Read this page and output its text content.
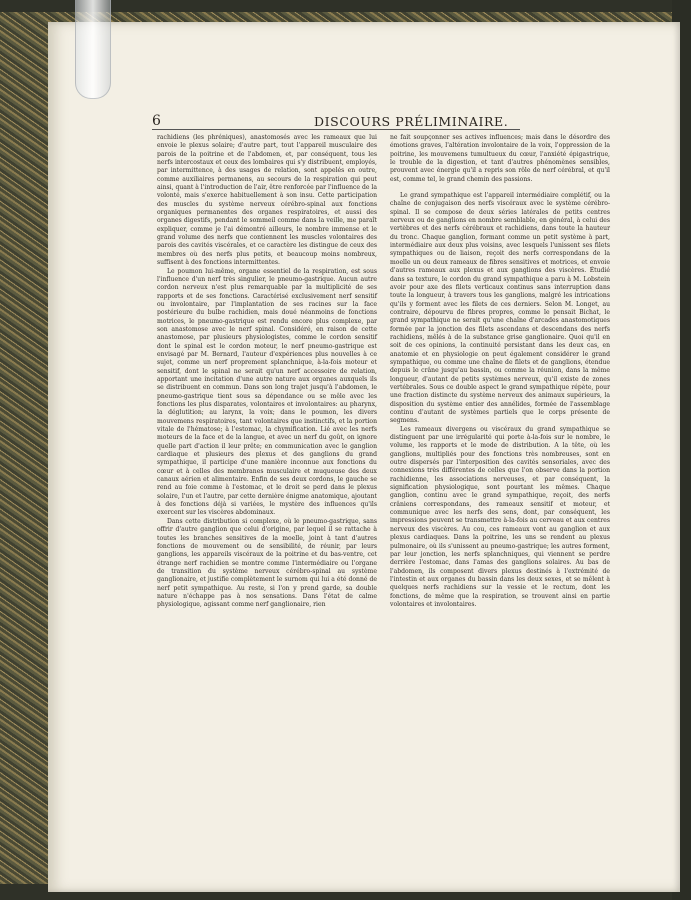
6	DISCOURS PRÉLIMINAIRE.

rachidiens (les phréniques), anastomosés avec les rameaux que lui envoie le plexus solaire; d'autre part, tout l'appareil musculaire des parois de la poitrine et de l'abdomen, et, par conséquent, tous les nerfs intercostaux et ceux des lombaires qui s'y distribuent, employés, par intermittence, à des usages de relation, sont appelés en outre, comme auxiliaires permanens, au secours de la respiration qui peut ainsi, quant à l'introduction de l'air, être renforcée par l'influence de la volonté, mais s'exerce habituellement à son insu. Cette participation des muscles du système nerveux cérébro-spinal aux fonctions organiques permanentes des organes respiratoires, et aussi des organes digestifs, pendant le sommeil comme dans la veille, me paraît expliquer, comme je l'ai démontré ailleurs, le nombre immense et le grand volume des nerfs que contiennent les muscles volontaires des parois des cavités viscérales, et ce caractère les distingue de ceux des membres où des nerfs plus petits, et beaucoup moins nombreux, suffisent à des fonctions intermittentes.

Le poumon lui-même, organe essentiel de la respiration, est sous l'influence d'un nerf très singulier, le pneumo-gastrique. Aucun autre cordon nerveux n'est plus remarquable par la multiplicité de ses rapports et de ses fonctions. Caractérisé exclusivement nerf sensitif ou involontaire, par l'implantation de ses racines sur la face postérieure du bulbe rachidien, mais doué néanmoins de fonctions motrices, le pneumo-gastrique est rendu encore plus complexe, par son anastomose avec le nerf spinal. Considéré, en raison de cette anastomose, par plusieurs physiologistes, comme le cordon sensitif dont le spinal est le cordon moteur, le nerf pneumo-gastrique est envisagé par M. Bernard, l'auteur d'expériences plus nouvelles à ce sujet, comme un nerf proprement splanchnique, à-la-fois moteur et sensitif, dont le spinal ne serait qu'un nerf accessoire de relation, apportant une incitation d'une autre nature aux organes auxquels ils se distribuent en commun. Dans son long trajet jusqu'à l'abdomen, le pneumo-gastrique tient sous sa dépendance ou se mêle avec les fonctions les plus disparates, volontaires et involontaires: au pharynx, la déglutition; au larynx, la voix; dans le poumon, les divers mouvemens respiratoires, tant volontaires que instinctifs, et la portion vitale de l'hématose; à l'estomac, la chymification. Lié avec les nerfs moteurs de la face et de la langue, et avec un nerf du goût, on ignore quelle part d'action il leur prête; en communication avec le ganglion cardiaque et plusieurs des plexus et des ganglions du grand sympathique, il participe d'une manière inconnue aux fonctions du cœur et à celles des membranes musculaire et muqueuse des deux canaux aérien et alimentaire. Enfin de ses deux cordons, le gauche se rend au foie comme à l'estomac, et le droit se perd dans le plexus solaire, l'un et l'autre, par cette dernière énigme anatomique, ajoutant à des fonctions déjà si variées, le mystère des influences qu'ils exercent sur les viscères abdominaux.

Dans cette distribution si complexe, où le pneumo-gastrique, sans offrir d'autre ganglion que celui d'origine, par lequel il se rattache à toutes les branches sensitives de la moelle, joint à tant d'autres fonctions de mouvement ou de sensibilité, de réunir, par leurs ganglions, les appareils viscéraux de la poitrine et du bas-ventre, cet étrange nerf rachidien se montre comme l'intermédiaire ou l'organe de transition du système nerveux cérébro-spinal au système ganglionaire, et justifie complètement le surnom qui lui a été donné de nerf petit sympathique. Au reste, si l'on y prend garde, sa double nature n'échappe pas à nos sensations. Dans l'état de calme physiologique, agissant comme nerf ganglionaire, rien

ne fait soupçonner ses actives influences; mais dans le désordre des émotions graves, l'altération involontaire de la voix, l'oppression de la poitrine, les mouvemens tumultueux du cœur, l'anxiété épigastrique, le trouble de la digestion, et tant d'autres phénomènes sensibles, prouvent avec énergie qu'il a repris son rôle de nerf cérébral, et qu'il est, comme tel, le grand chemin des passions.

Le grand sympathique est l'appareil intermédiaire complétif, ou la chaîne de conjugaison des nerfs viscéraux avec le système cérébro-spinal. Il se compose de deux séries latérales de petits centres nerveux ou de ganglions en nombre semblable, en général, à celui des vertèbres et des nerfs cérébraux et rachidiens, dans toute la hauteur du tronc. Chaque ganglion, formant comme un petit système à part, intermédiaire aux deux plus voisins, avec lesquels l'unissent ses filets sympathiques ou de liaison, reçoit des nerfs correspondans de la moelle un ou deux rameaux de fibres sensitives et motrices, et envoie d'autres rameaux aux plexus et aux ganglions des viscères. Étudié dans sa texture, le cordon du grand sympathique a paru à M. Lobstein avoir pour axe des filets verticaux continus sans interruption dans toute la longueur, à travers tous les ganglions, malgré les intrications qu'ils y forment avec les filets de ces derniers. Selon M. Longet, au contraire, dépourvu de fibres propres, comme le pensait Bichat, le grand sympathique ne serait qu'une chaîne d'arcades anastomotiques formée par la jonction des filets ascendans et descendans des nerfs rachidiens, mêlés à de la substance grise ganglionaire. Quoi qu'il en soit de ces opinions, la continuité persistant dans les deux cas, en anatomie et en physiologie on peut également considérer le grand sympathique, ou comme une chaîne de filets et de ganglions, étendue depuis le crâne jusqu'au bassin, ou comme la réunion, dans la même longueur, d'autant de petits systèmes nerveux, qu'il existe de zones vertébrales. Sous ce double aspect le grand sympathique répète, pour une fraction distincte du système nerveux des animaux supérieurs, la disposition du système entier des annélides, formée de l'assemblage continu d'autant de systèmes partiels que le corps présente de segmens.

Les rameaux divergens ou viscéraux du grand sympathique se distinguent par une irrégularité qui porte à-la-fois sur le nombre, le volume, les rapports et le mode de distribution. A la tête, où les ganglions, multipliés pour des fonctions très nombreuses, sont en outre dispersés par l'interposition des cavités sensoriales, avec des connexions très différentes de celles que l'on observe dans la portion rachidienne, les associations nerveuses, et par conséquent, la signification physiologique, sont pourtant les mêmes. Chaque ganglion, continu avec le grand sympathique, reçoit, des nerfs crâniens correspondans, des rameaux sensitif et moteur, et communique avec les nerfs des sens, dont, par conséquent, les impressions peuvent se transmettre à-la-fois au cerveau et aux centres nerveux des viscères. Au cou, ces rameaux vont au ganglion et aux plexus cardiaques. Dans la poitrine, les uns se rendent au plexus pulmonaire, où ils s'unissent au pneumo-gastrique; les autres forment, par leur jonction, les nerfs splanchniques, qui viennent se perdre derrière l'estomac, dans l'amas des ganglions solaires. Au bas de l'abdomen, ils composent divers plexus destinés à l'extrémité de l'intestin et aux organes du bassin dans les deux sexes, et se mêlent à quelques nerfs rachidiens sur la vessie et le rectum, dont les fonctions, de même que la respiration, se trouvent ainsi en partie volontaires et involontaires.
